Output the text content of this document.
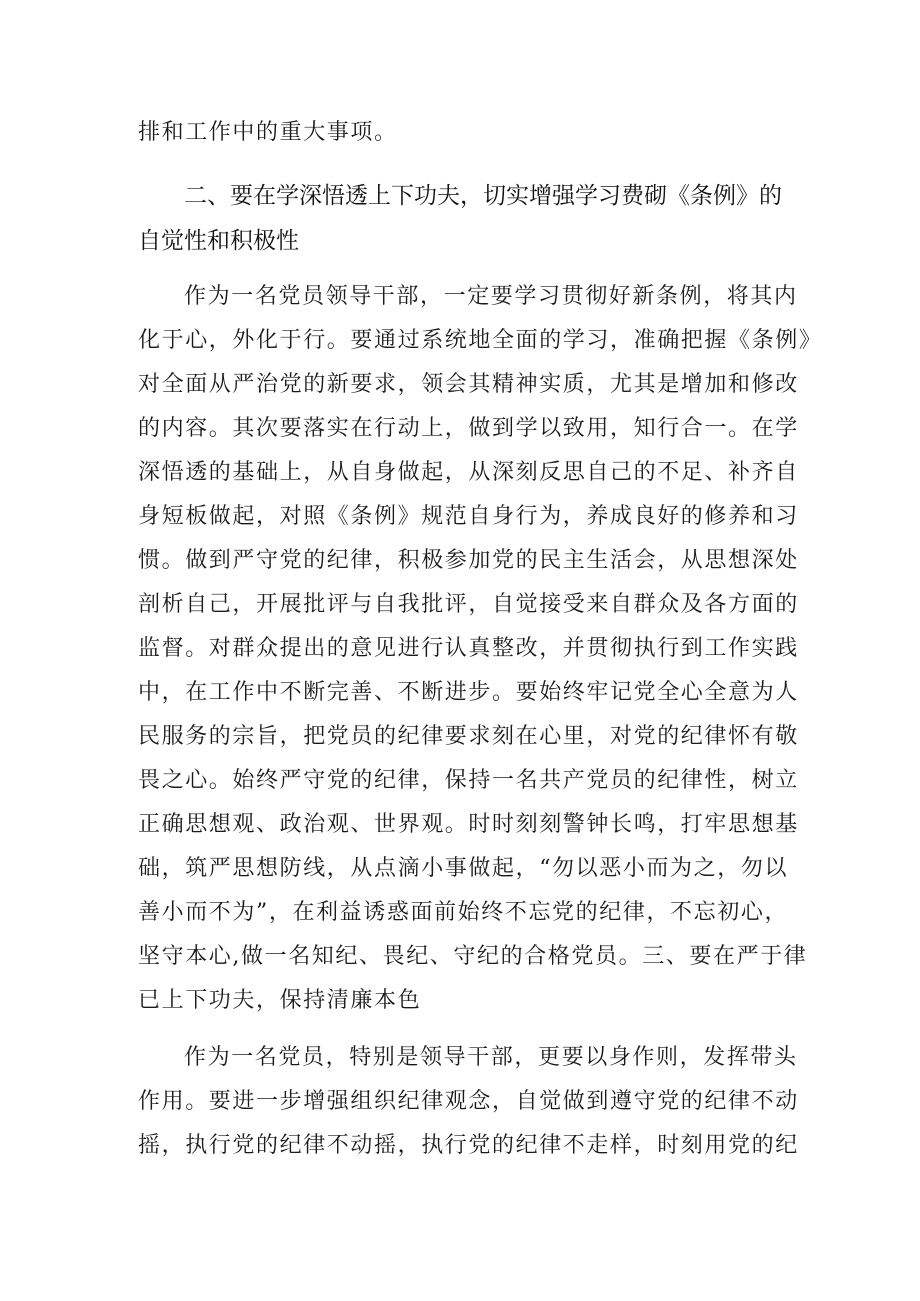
排和工作中的重大事项。
二、要在学深悟透上下功夫，切实增强学习费砌《条例》的
自觉性和积极性
作为一名党员领导干部，一定要学习贯彻好新条例，将其内
化于心，外化于行。要通过系统地全面的学习，准确把握《条例》
对全面从严治党的新要求，领会其精神实质，尤其是增加和修改
的内容。其次要落实在行动上，做到学以致用，知行合一。在学
深悟透的基础上，从自身做起，从深刻反思自己的不足、补齐自
身短板做起，对照《条例》规范自身行为，养成良好的修养和习
惯。做到严守党的纪律，积极参加党的民主生活会，从思想深处
剖析自己，开展批评与自我批评，自觉接受来自群众及各方面的
监督。对群众提出的意见进行认真整改，并贯彻执行到工作实践
中，在工作中不断完善、不断进步。要始终牢记党全心全意为人
民服务的宗旨，把党员的纪律要求刻在心里，对党的纪律怀有敬
畏之心。始终严守党的纪律，保持一名共产党员的纪律性，树立
正确思想观、政治观、世界观。时时刻刻警钟长鸣，打牢思想基
础，筑严思想防线，从点滴小事做起，“勿以恶小而为之，勿以
善小而不为”，在利益诱惑面前始终不忘党的纪律，不忘初心，
坚守本心,做一名知纪、畏纪、守纪的合格党员。三、要在严于律
已上下功夫，保持清廉本色
作为一名党员，特别是领导干部，更要以身作则，发挥带头
作用。要进一步增强组织纪律观念，自觉做到遵守党的纪律不动
摇，执行党的纪律不动摇，执行党的纪律不走样，时刻用党的纪
